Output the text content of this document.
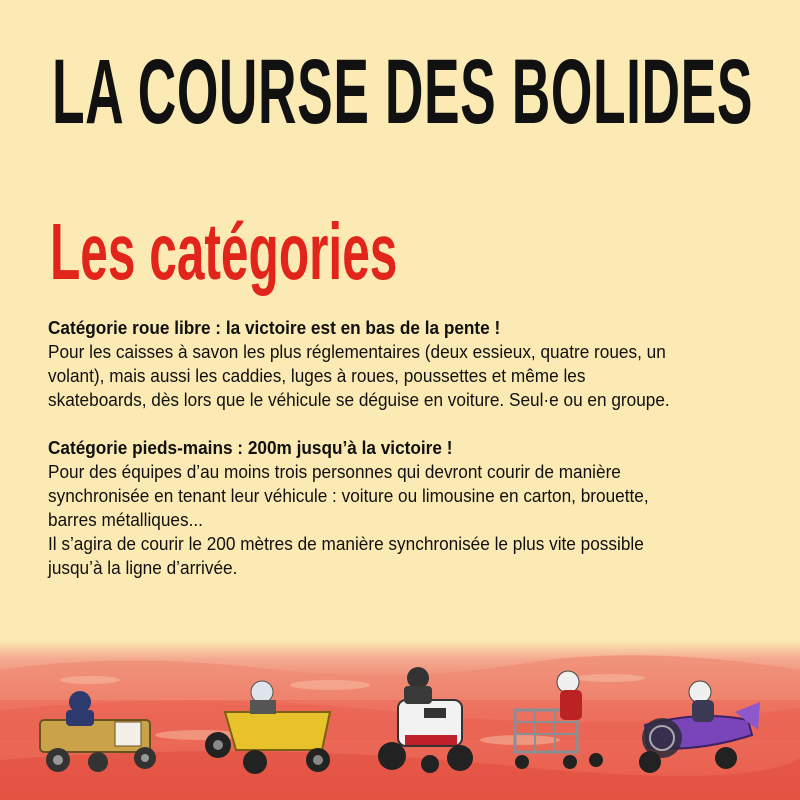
LA COURSE DES BOLIDES
Les catégories

Catégorie roue libre : la victoire est en bas de la pente !

Pour les caisses à savon les plus réglementaires (deux essieux, quatre roues, un

volant), mais aussi les caddies, luges à roues, poussettes et même les

skateboards, dès lors que le véhicule se déguise en voiture. Seul·e ou en groupe.

Catégorie pieds-mains : 200m jusqu’à la victoire !

Pour des équipes d’au moins trois personnes qui devront courir de manière

synchronisée en tenant leur véhicule : voiture ou limousine en carton, brouette,

barres métalliques...

Il s’agira de courir le 200 mètres de manière synchronisée le plus vite possible

jusqu’à la ligne d’arrivée.
